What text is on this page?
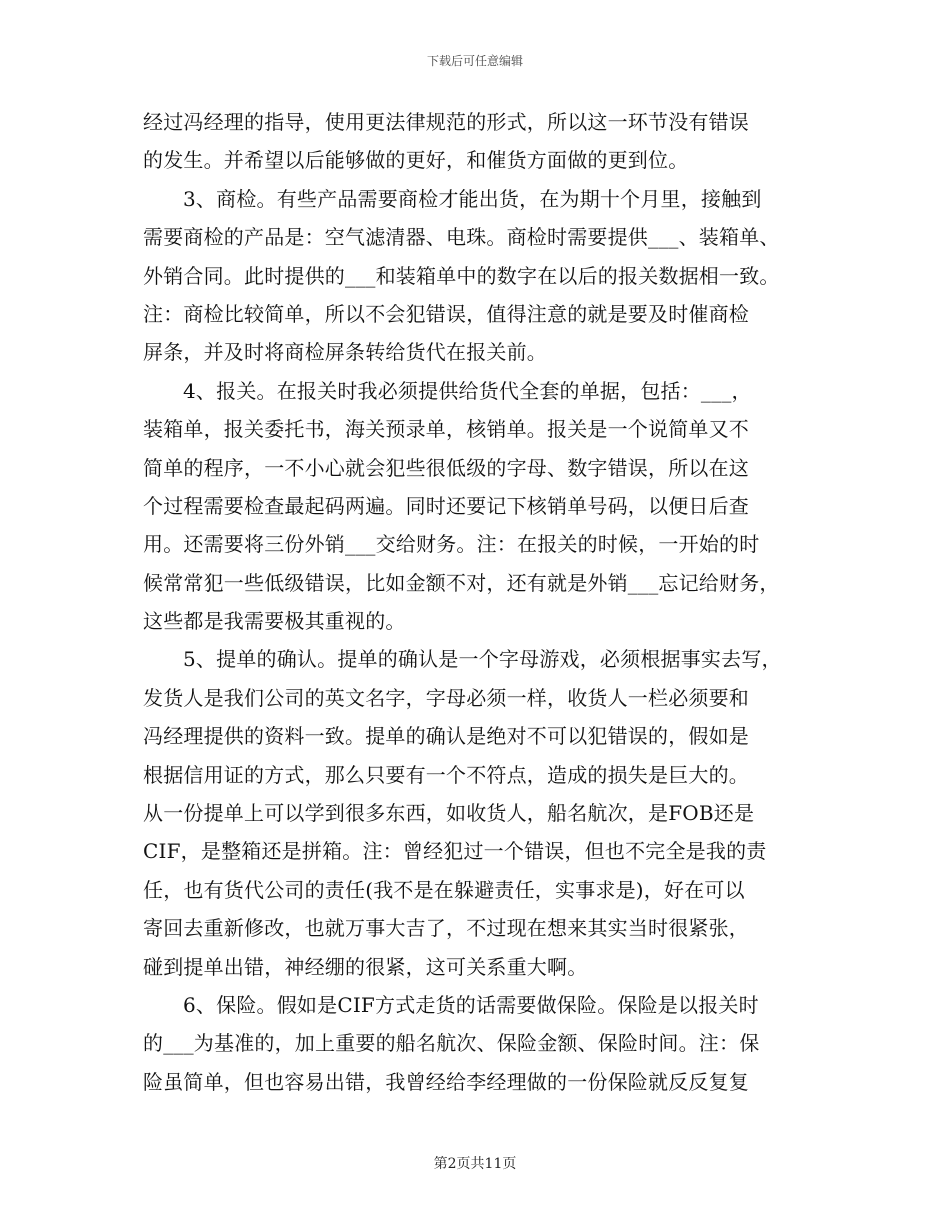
下载后可任意编辑
经过冯经理的指导，使用更法律规范的形式，所以这一环节没有错误
的发生。并希望以后能够做的更好，和催货方面做的更到位。
3、商检。有些产品需要商检才能出货，在为期十个月里，接触到
需要商检的产品是：空气滤清器、电珠。商检时需要提供___、装箱单、
外销合同。此时提供的___和装箱单中的数字在以后的报关数据相一致。
注：商检比较简单，所以不会犯错误，值得注意的就是要及时催商检
屏条，并及时将商检屏条转给货代在报关前。
4、报关。在报关时我必须提供给货代全套的单据，包括：___，
装箱单，报关委托书，海关预录单，核销单。报关是一个说简单又不
简单的程序，一不小心就会犯些很低级的字母、数字错误，所以在这
个过程需要检查最起码两遍。同时还要记下核销单号码，以便日后查
用。还需要将三份外销___交给财务。注：在报关的时候，一开始的时
候常常犯一些低级错误，比如金额不对，还有就是外销___忘记给财务，
这些都是我需要极其重视的。
5、提单的确认。提单的确认是一个字母游戏，必须根据事实去写，
发货人是我们公司的英文名字，字母必须一样，收货人一栏必须要和
冯经理提供的资料一致。提单的确认是绝对不可以犯错误的，假如是
根据信用证的方式，那么只要有一个不符点，造成的损失是巨大的。
从一份提单上可以学到很多东西，如收货人，船名航次，是FOB还是
CIF，是整箱还是拼箱。注：曾经犯过一个错误，但也不完全是我的责
任，也有货代公司的责任(我不是在躲避责任，实事求是)，好在可以
寄回去重新修改，也就万事大吉了，不过现在想来其实当时很紧张，
碰到提单出错，神经绷的很紧，这可关系重大啊。
6、保险。假如是CIF方式走货的话需要做保险。保险是以报关时
的___为基准的，加上重要的船名航次、保险金额、保险时间。注：保
险虽简单，但也容易出错，我曾经给李经理做的一份保险就反反复复
第2页共11页
